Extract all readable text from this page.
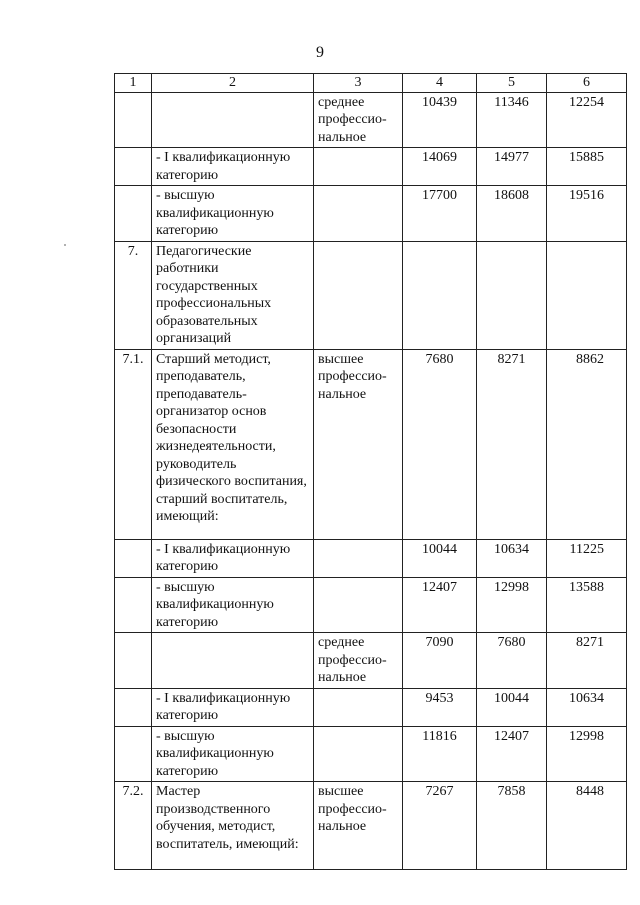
9
1	2	3	4	5	6
		среднее профессио-нальное	10439	11346	12254
	- I квалификационную категорию		14069	14977	15885
	- высшую квалификационную категорию		17700	18608	19516
7.	Педагогические работники государственных профессиональных образовательных организаций				
7.1.	Старший методист, преподаватель, преподаватель-организатор основ безопасности жизнедеятельности, руководитель физического воспитания, старший воспитатель, имеющий:	высшее профессио-нальное	7680	8271	8862
	- I квалификационную категорию		10044	10634	11225
	- высшую квалификационную категорию		12407	12998	13588
		среднее профессио-нальное	7090	7680	8271
	- I квалификационную категорию		9453	10044	10634
	- высшую квалификационную категорию		11816	12407	12998
7.2.	Мастер производственного обучения, методист, воспитатель, имеющий:	высшее профессио-нальное	7267	7858	8448
